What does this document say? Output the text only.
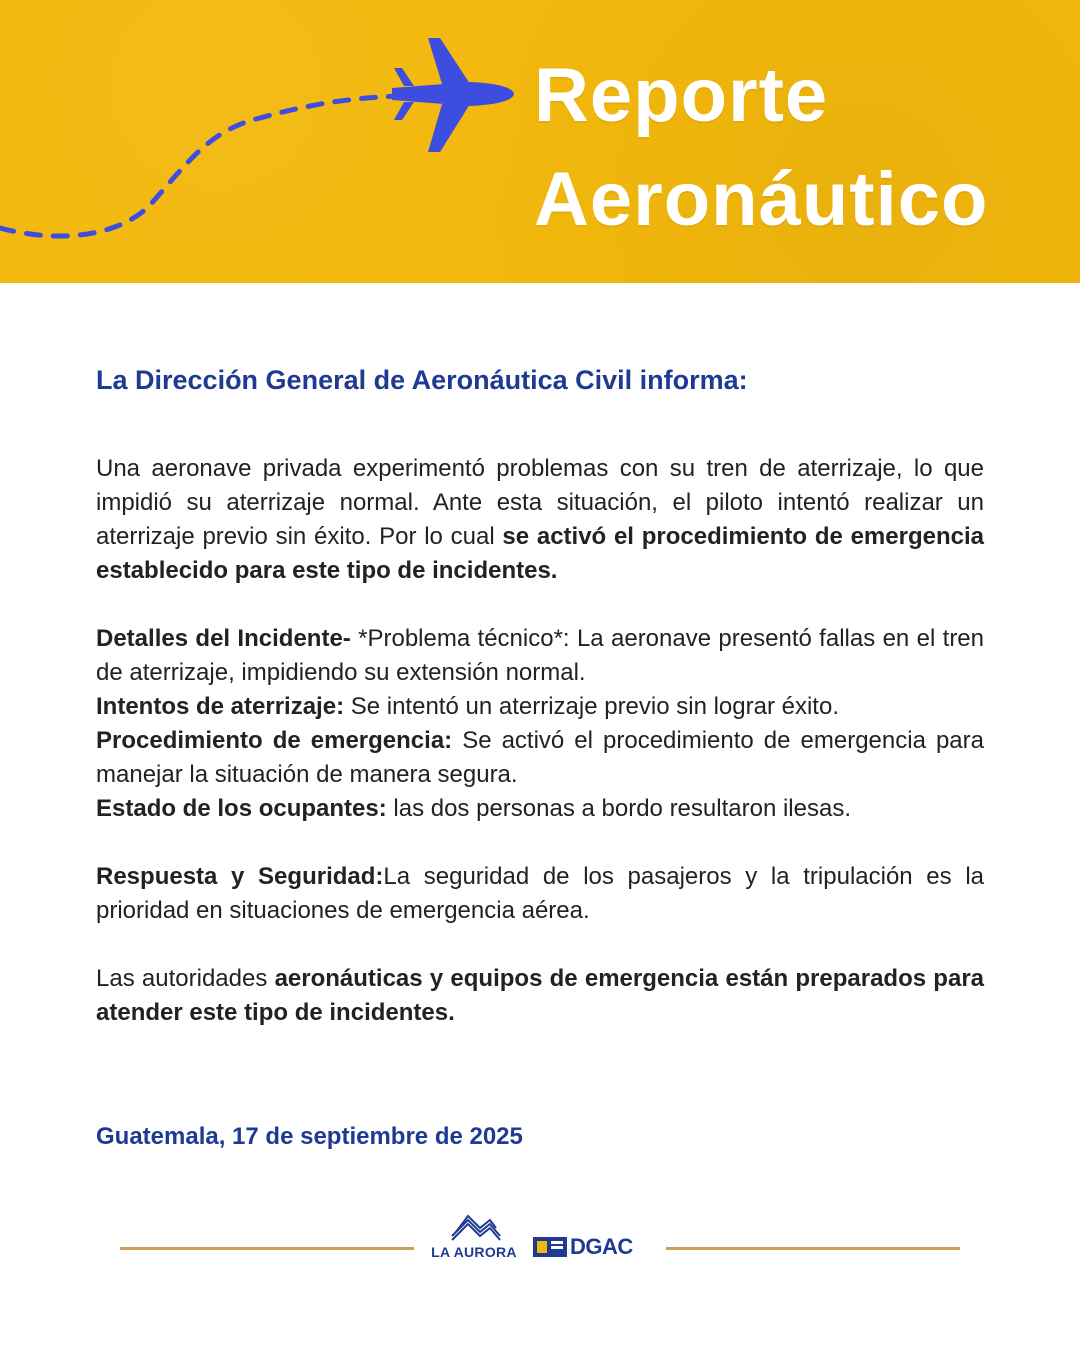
Reporte
Aeronáutico
La Dirección General de Aeronáutica Civil informa:

Una aeronave privada experimentó problemas con su tren de aterrizaje, lo que impidió su aterrizaje normal. Ante esta situación, el piloto intentó realizar un aterrizaje previo sin éxito. Por lo cual se activó el procedimiento de emergencia establecido para este tipo de incidentes.

Detalles del Incidente- *Problema técnico*: La aeronave presentó fallas en el tren de aterrizaje, impidiendo su extensión normal.

Intentos de aterrizaje: Se intentó un aterrizaje previo sin lograr éxito.

Procedimiento de emergencia: Se activó el procedimiento de emergencia para manejar la situación de manera segura.

Estado de los ocupantes: las dos personas a bordo resultaron ilesas.

Respuesta y Seguridad:La seguridad de los pasajeros y la tripulación es la prioridad en situaciones de emergencia aérea.

Las autoridades aeronáuticas y equipos de emergencia están preparados para atender este tipo de incidentes.

Guatemala, 17 de septiembre de 2025

LA AURORA DGAC
